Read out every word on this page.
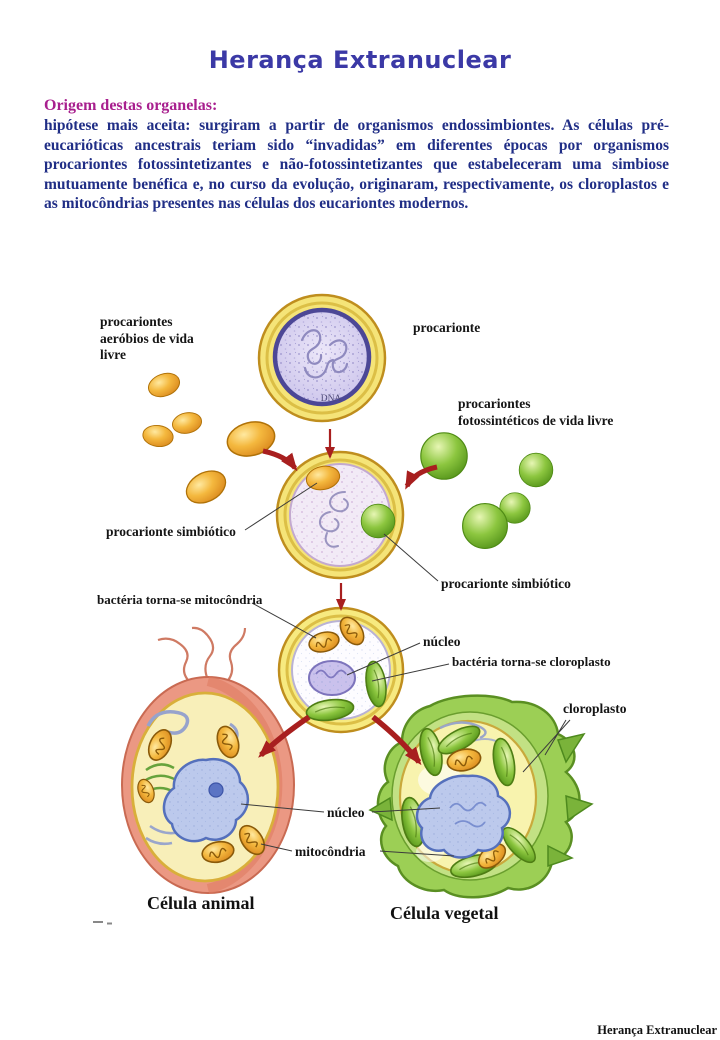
Herança Extranuclear
Origem destas organelas:
hipótese mais aceita: surgiram a partir de organismos endossimbiontes. As células pré-eucarióticas ancestrais teriam sido “invadidas” em diferentes épocas por organismos procariontes fotossintetizantes e não-fotossintetizantes que estabeleceram uma simbiose mutuamente benéfica e, no curso da evolução, originaram, respectivamente, os cloroplastos e as mitocôndrias presentes nas células dos eucariontes modernos.
DNA
procariontes
aeróbios de vida
livre
procarionte
procariontes
fotossintéticos de vida livre
procarionte simbiótico
procarionte simbiótico
bactéria torna-se mitocôndria
núcleo
bactéria torna-se cloroplasto
cloroplasto
núcleo
mitocôndria
Célula animal	Célula vegetal
Herança Extranuclear
